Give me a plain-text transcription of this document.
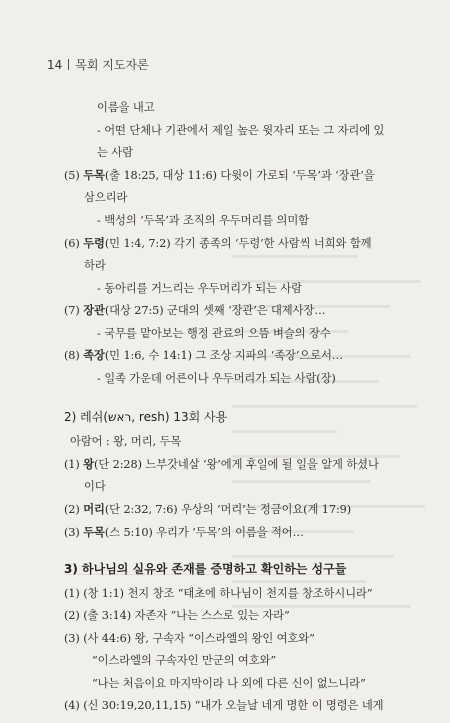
14 목회 지도자론
이름을 내고
- 어떤 단체나 기관에서 제일 높은 윗자리 또는 그 자리에 있
는 사람
(5) 두목(출 18:25, 대상 11:6) 다윗이 가로되 ‘두목’과 ‘장관’을
삼으리라
- 백성의 ‘두목’과 조직의 우두머리를 의미함
(6) 두령(민 1:4, 7:2) 각기 종족의 ‘두령’한 사람씩 너희와 함께
하라
- 동아리를 거느리는 우두머리가 되는 사람
(7) 장관(대상 27:5) 군대의 셋째 ‘장관’은 대제사장…
- 국무를 맡아보는 행정 관료의 으뜸 벼슬의 장수
(8) 족장(민 1:6, 수 14:1) 그 조상 지파의 ‘족장’으로서…
- 일족 가운데 어른이나 우두머리가 되는 사람(장)
2) 레쉬(ראש, resh) 13회 사용
아람어 : 왕, 머리, 두목
(1) 왕(단 2:28) 느부갓네살 ‘왕’에게 후일에 될 일을 알게 하셨나
이다
(2) 머리(단 2:32, 7:6) 우상의 ‘머리’는 정금이요(계 17:9)
(3) 두목(스 5:10) 우리가 ‘두목’의 이름을 적어…
3) 하나님의 실유와 존재를 증명하고 확인하는 성구들
(1) (창 1:1) 천지 창조 “태초에 하나님이 천지를 창조하시니라”
(2) (출 3:14) 자존자 “나는 스스로 있는 자라”
(3) (사 44:6) 왕, 구속자 “이스라엘의 왕인 여호와”
“이스라엘의 구속자인 만군의 여호와”
“나는 처음이요 마지막이라 나 외에 다른 신이 없느니라”
(4) (신 30:19,20,11,15) “내가 오늘날 네게 명한 이 명령은 네게
